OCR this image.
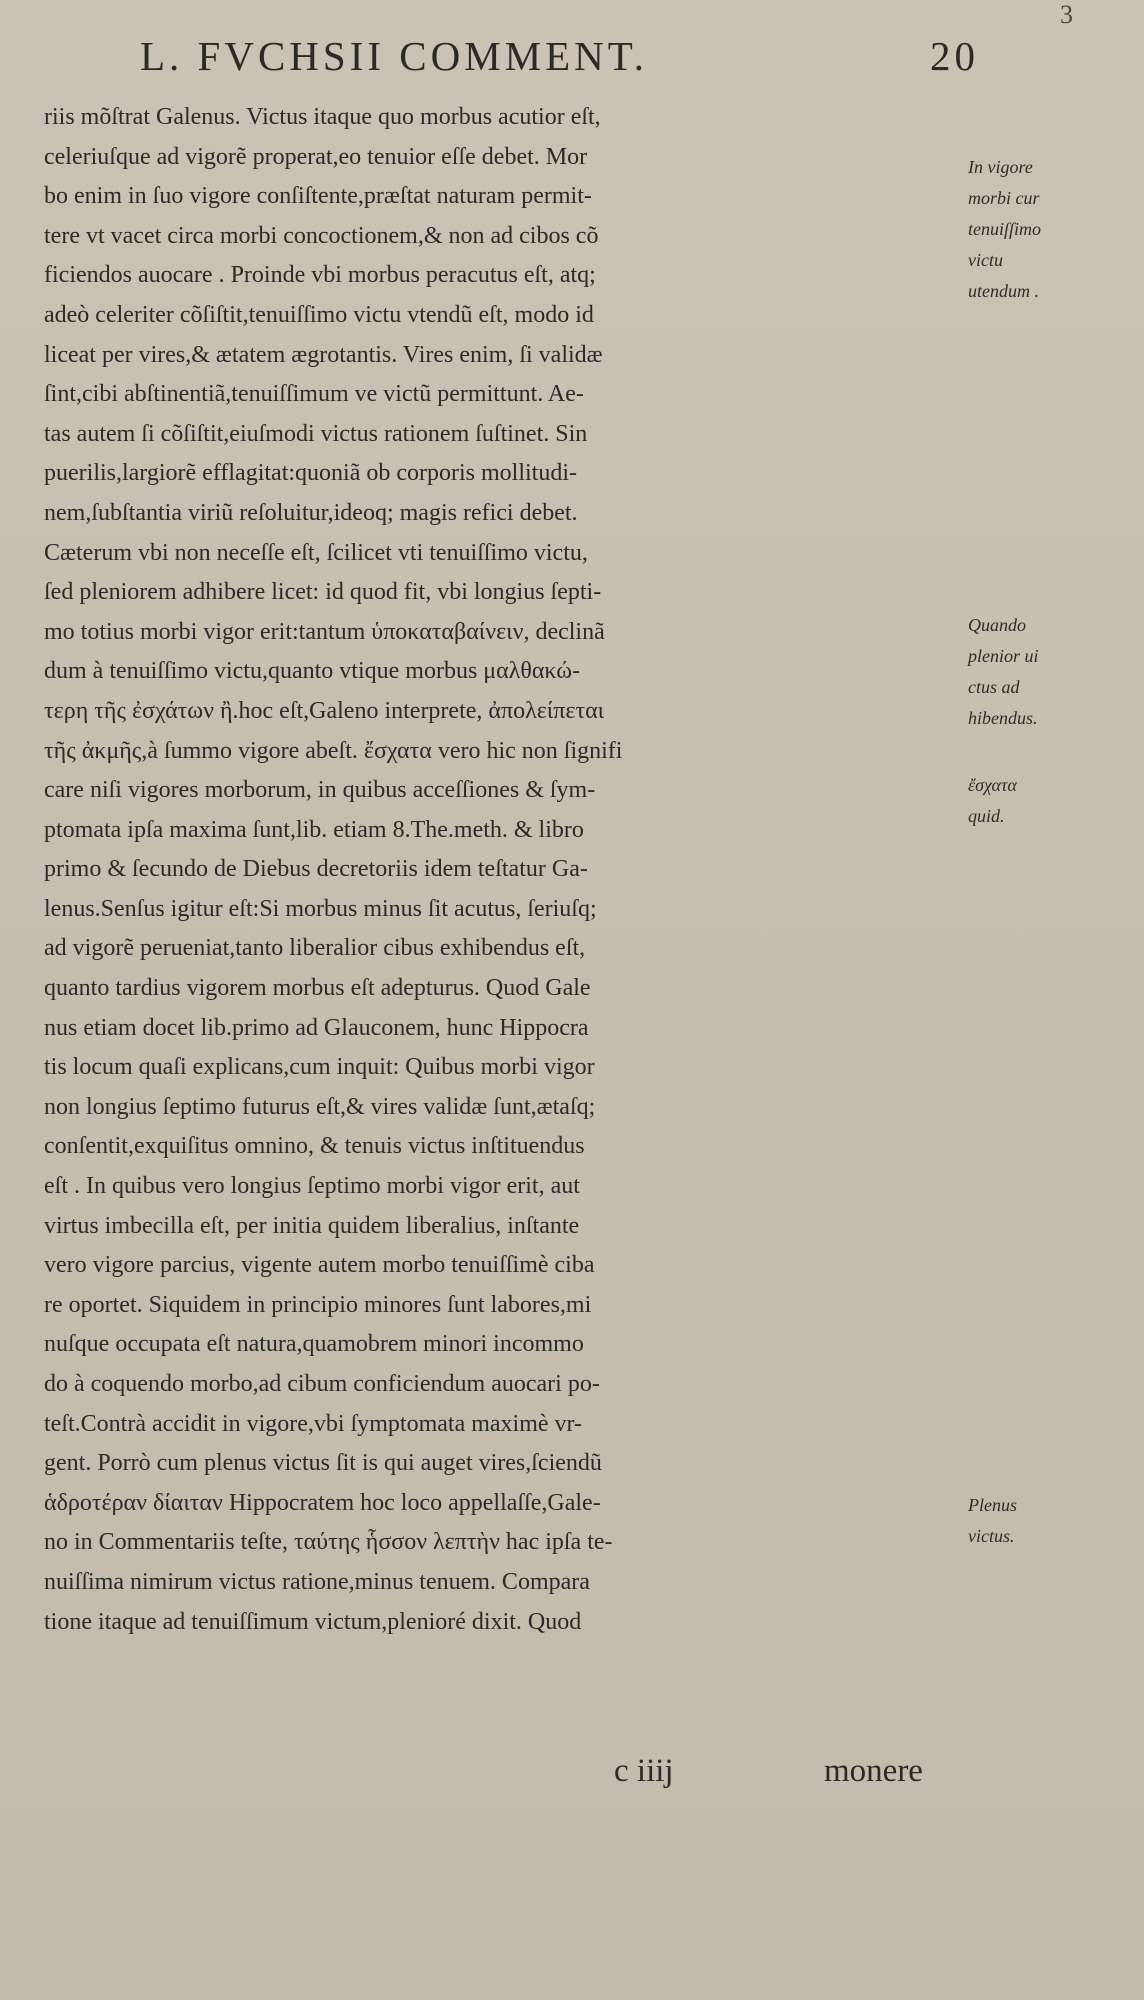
L. FVCHSII COMMENT.	20
3
riis mõſtrat Galenus. Victus itaque quo morbus acutior eſt,
celeriuſque ad vigorẽ properat,eo tenuior eſſe debet. Mor
bo enim in ſuo vigore conſiſtente,præſtat naturam permit-
tere vt vacet circa morbi concoctionem,& non ad cibos cõ
ficiendos auocare . Proinde vbi morbus peracutus eſt, atq;
adeò celeriter cõſiſtit,tenuiſſimo victu vtendũ eſt, modo id
liceat per vires,& ætatem ægrotantis. Vires enim, ſi validæ
ſint,cibi abſtinentiã,tenuiſſimum ve victũ permittunt. Ae-
tas autem ſi cõſiſtit,eiuſmodi victus rationem ſuſtinet. Sin
puerilis,largiorẽ efflagitat:quoniã ob corporis mollitudi-
nem,ſubſtantia viriũ reſoluitur,ideoq; magis refici debet.
Cæterum vbi non neceſſe eſt, ſcilicet vti tenuiſſimo victu,
ſed pleniorem adhibere licet: id quod fit, vbi longius ſepti-
mo totius morbi vigor erit:tantum ὑποκαταβαίνειν, declinã
dum à tenuiſſimo victu,quanto vtique morbus μαλθακώ-
τερη τῆς ἐσχάτων ἢ.hoc eſt,Galeno interprete, ἀπολείπεται
τῆς ἀκμῆς,à ſummo vigore abeſt. ἔσχατα vero hic non ſignifi
care niſi vigores morborum, in quibus acceſſiones & ſym-
ptomata ipſa maxima ſunt,lib. etiam 8.The.meth. & libro
primo & ſecundo de Diebus decretoriis idem teſtatur Ga-
lenus.Senſus igitur eſt:Si morbus minus ſit acutus, ſeriuſq;
ad vigorẽ perueniat,tanto liberalior cibus exhibendus eſt,
quanto tardius vigorem morbus eſt adepturus. Quod Gale
nus etiam docet lib.primo ad Glauconem, hunc Hippocra
tis locum quaſi explicans,cum inquit: Quibus morbi vigor
non longius ſeptimo futurus eſt,& vires validæ ſunt,ætaſq;
conſentit,exquiſitus omnino, & tenuis victus inſtituendus
eſt . In quibus vero longius ſeptimo morbi vigor erit, aut
virtus imbecilla eſt, per initia quidem liberalius, inſtante
vero vigore parcius, vigente autem morbo tenuiſſimè ciba
re oportet. Siquidem in principio minores ſunt labores,mi
nuſque occupata eſt natura,quamobrem minori incommo
do à coquendo morbo,ad cibum conficiendum auocari po-
teſt.Contrà accidit in vigore,vbi ſymptomata maximè vr-
gent. Porrò cum plenus victus ſit is qui auget vires,ſciendũ
ἁδροτέραν δίαιταν Hippocratem hoc loco appellaſſe,Gale-
no in Commentariis teſte, ταύτης ἧσσον λεπτὴν hac ipſa te-
nuiſſima nimirum victus ratione,minus tenuem. Compara
tione itaque ad tenuiſſimum victum,plenioré dixit. Quod
In vigore
morbi cur
tenuiſſimo
victu
utendum .
Quando
plenior ui
ctus ad
hibendus.
ἔσχατα
quid.
Plenus
victus.
c iiij	monere
